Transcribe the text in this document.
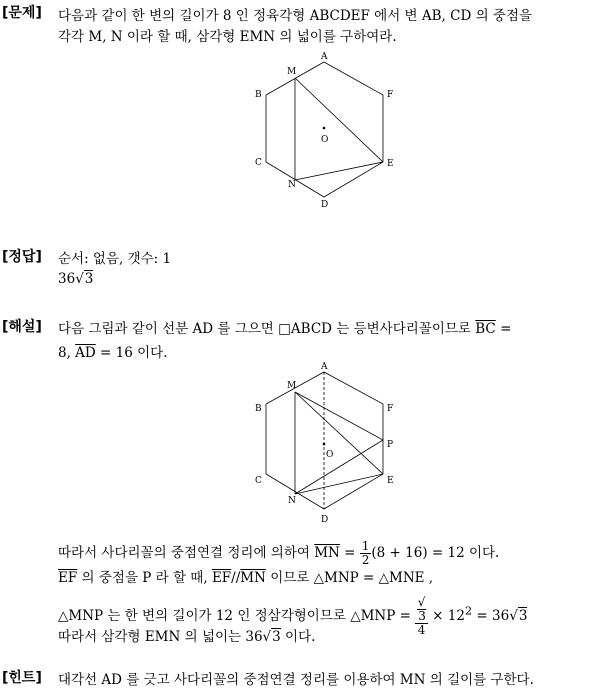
[문제] 다음과 같이 한 변의 길이가 8 인 정육각형 ABCDEF 에서 변 AB, CD 의 중점을
각각 M, N 이라 할 때, 삼각형 EMN 의 넓이를 구하여라.
A
B
C
D
E
F
M
N
O
[정답] 순서: 없음, 갯수: 1
36√3
[해설] 다음 그림과 같이 선분 AD 를 그으면 □ABCD 는 등변사다리꼴이므로 $\overline{BC}$ =
8, $\overline{AD} = 16$ 이다.
A
B
C
D
E
F
P
M
N
O
따라서 사다리꼴의 중점연결 정리에 의하여 $\overline{MN} = \frac{1}{2} (8 + 16) = 12$ 이다.
$\overline{EF}$ 의 중점을 P 라 할 때, $\overline{EF}//\overline{MN}$ 이므로 △MNP = △MNE ,
△MNP 는 한 변의 길이가 12 인 정삼각형이므로 △MNP = √
3
$4 \times 12^2 = 36√3$
따라서 삼각형 EMN 의 넓이는 36√3 이다.
[힌트] 대각선 AD 를 긋고 사다리꼴의 중점연결 정리를 이용하여 MN 의 길이를 구한다.
